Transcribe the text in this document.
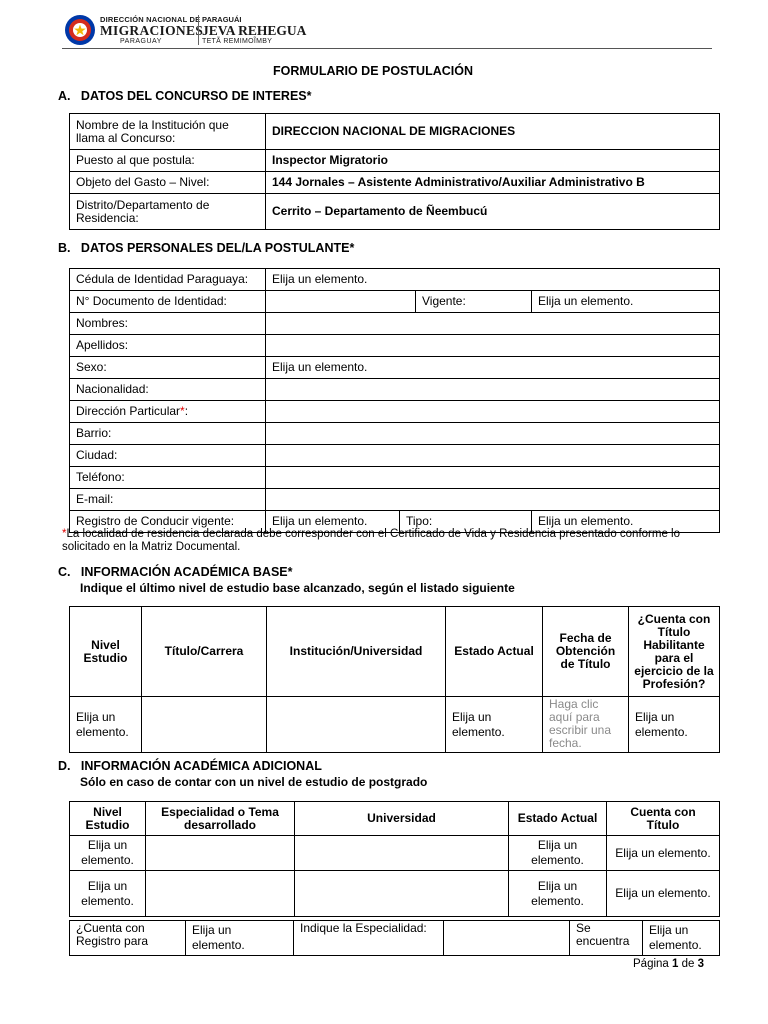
DIRECCIÓN NACIONAL DE
MIGRACIONES
PARAGUAY
PARAGUÁI
JEVA REHEGUA
TETÃ REMIMOĨMBY
FORMULARIO DE POSTULACIÓN
A.   DATOS DEL CONCURSO DE INTERES*
Nombre de la Institución que llama al Concurso:	DIRECCION NACIONAL DE MIGRACIONES
Puesto al que postula:	Inspector Migratorio
Objeto del Gasto – Nivel:	144 Jornales – Asistente Administrativo/Auxiliar Administrativo B
Distrito/Departamento de Residencia:	Cerrito – Departamento de Ñeembucú
B.   DATOS PERSONALES DEL/LA POSTULANTE*
Cédula de Identidad Paraguaya:	Elija un elemento.			
N° Documento de Identidad:			Vigente:	Elija un elemento.
Nombres:				
Apellidos:				
Sexo:	Elija un elemento.			
Nacionalidad:				
Dirección Particular*:				
Barrio:				
Ciudad:				
Teléfono:				
E-mail:				
Registro de Conducir vigente:	Elija un elemento.	Tipo:		Elija un elemento.
*La localidad de residencia declarada debe corresponder con el Certificado de Vida y Residencia presentado conforme lo solicitado en la Matriz Documental.
C.   INFORMACIÓN ACADÉMICA BASE*
Indique el último nivel de estudio base alcanzado, según el listado siguiente
Nivel Estudio	Título/Carrera	Institución/Universidad	Estado Actual	Fecha de Obtención de Título	¿Cuenta con Título Habilitante para el ejercicio de la Profesión?
Elija un elemento.			Elija un elemento.	Haga clic aquí para escribir una fecha.	Elija un elemento.
D.   INFORMACIÓN ACADÉMICA ADICIONAL
Sólo en caso de contar con un nivel de estudio de postgrado
Nivel Estudio	Especialidad o Tema desarrollado	Universidad	Estado Actual	Cuenta con Título
Elija un elemento.			Elija un elemento.	Elija un elemento.
Elija un elemento.			Elija un elemento.	Elija un elemento.
¿Cuenta con Registro para	Elija un elemento.	Indique la Especialidad:		Se encuentra	Elija un elemento.
Página 1 de 3
